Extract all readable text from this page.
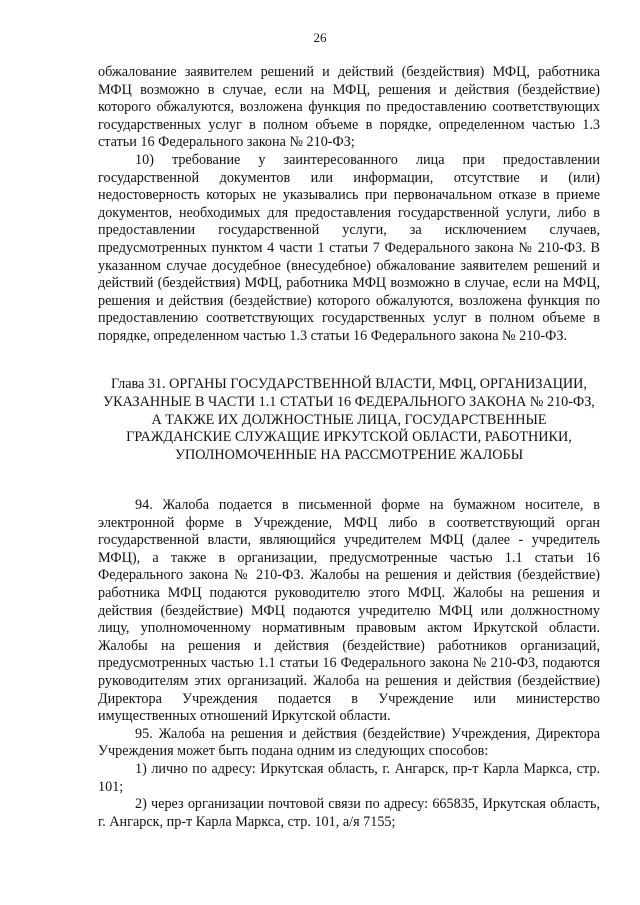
26

обжалование заявителем решений и действий (бездействия) МФЦ, работника МФЦ возможно в случае, если на МФЦ, решения и действия (бездействие) которого обжалуются, возложена функция по предоставлению соответствующих государственных услуг в полном объеме в порядке, определенном частью 1.3 статьи 16 Федерального закона № 210-ФЗ;

10) требование у заинтересованного лица при предоставлении государственной документов или информации, отсутствие и (или) недостоверность которых не указывались при первоначальном отказе в приеме документов, необходимых для предоставления государственной услуги, либо в предоставлении государственной услуги, за исключением случаев, предусмотренных пунктом 4 части 1 статьи 7 Федерального закона № 210-ФЗ. В указанном случае досудебное (внесудебное) обжалование заявителем решений и действий (бездействия) МФЦ, работника МФЦ возможно в случае, если на МФЦ, решения и действия (бездействие) которого обжалуются, возложена функция по предоставлению соответствующих государственных услуг в полном объеме в порядке, определенном частью 1.3 статьи 16 Федерального закона № 210-ФЗ.

Глава 31. ОРГАНЫ ГОСУДАРСТВЕННОЙ ВЛАСТИ, МФЦ, ОРГАНИЗАЦИИ, УКАЗАННЫЕ В ЧАСТИ 1.1 СТАТЬИ 16 ФЕДЕРАЛЬНОГО ЗАКОНА № 210-ФЗ, А ТАКЖЕ ИХ ДОЛЖНОСТНЫЕ ЛИЦА, ГОСУДАРСТВЕННЫЕ ГРАЖДАНСКИЕ СЛУЖАЩИЕ ИРКУТСКОЙ ОБЛАСТИ, РАБОТНИКИ, УПОЛНОМОЧЕННЫЕ НА РАССМОТРЕНИЕ ЖАЛОБЫ

94. Жалоба подается в письменной форме на бумажном носителе, в электронной форме в Учреждение, МФЦ либо в соответствующий орган государственной власти, являющийся учредителем МФЦ (далее - учредитель МФЦ), а также в организации, предусмотренные частью 1.1 статьи 16 Федерального закона № 210-ФЗ. Жалобы на решения и действия (бездействие) работника МФЦ подаются руководителю этого МФЦ. Жалобы на решения и действия (бездействие) МФЦ подаются учредителю МФЦ или должностному лицу, уполномоченному нормативным правовым актом Иркутской области. Жалобы на решения и действия (бездействие) работников организаций, предусмотренных частью 1.1 статьи 16 Федерального закона № 210-ФЗ, подаются руководителям этих организаций. Жалоба на решения и действия (бездействие) Директора Учреждения подается в Учреждение или министерство имущественных отношений Иркутской области.

95. Жалоба на решения и действия (бездействие) Учреждения, Директора Учреждения может быть подана одним из следующих способов:

1) лично по адресу: Иркутская область, г. Ангарск, пр-т Карла Маркса, стр. 101;

2) через организации почтовой связи по адресу: 665835, Иркутская область, г. Ангарск, пр-т Карла Маркса, стр. 101, а/я 7155;
